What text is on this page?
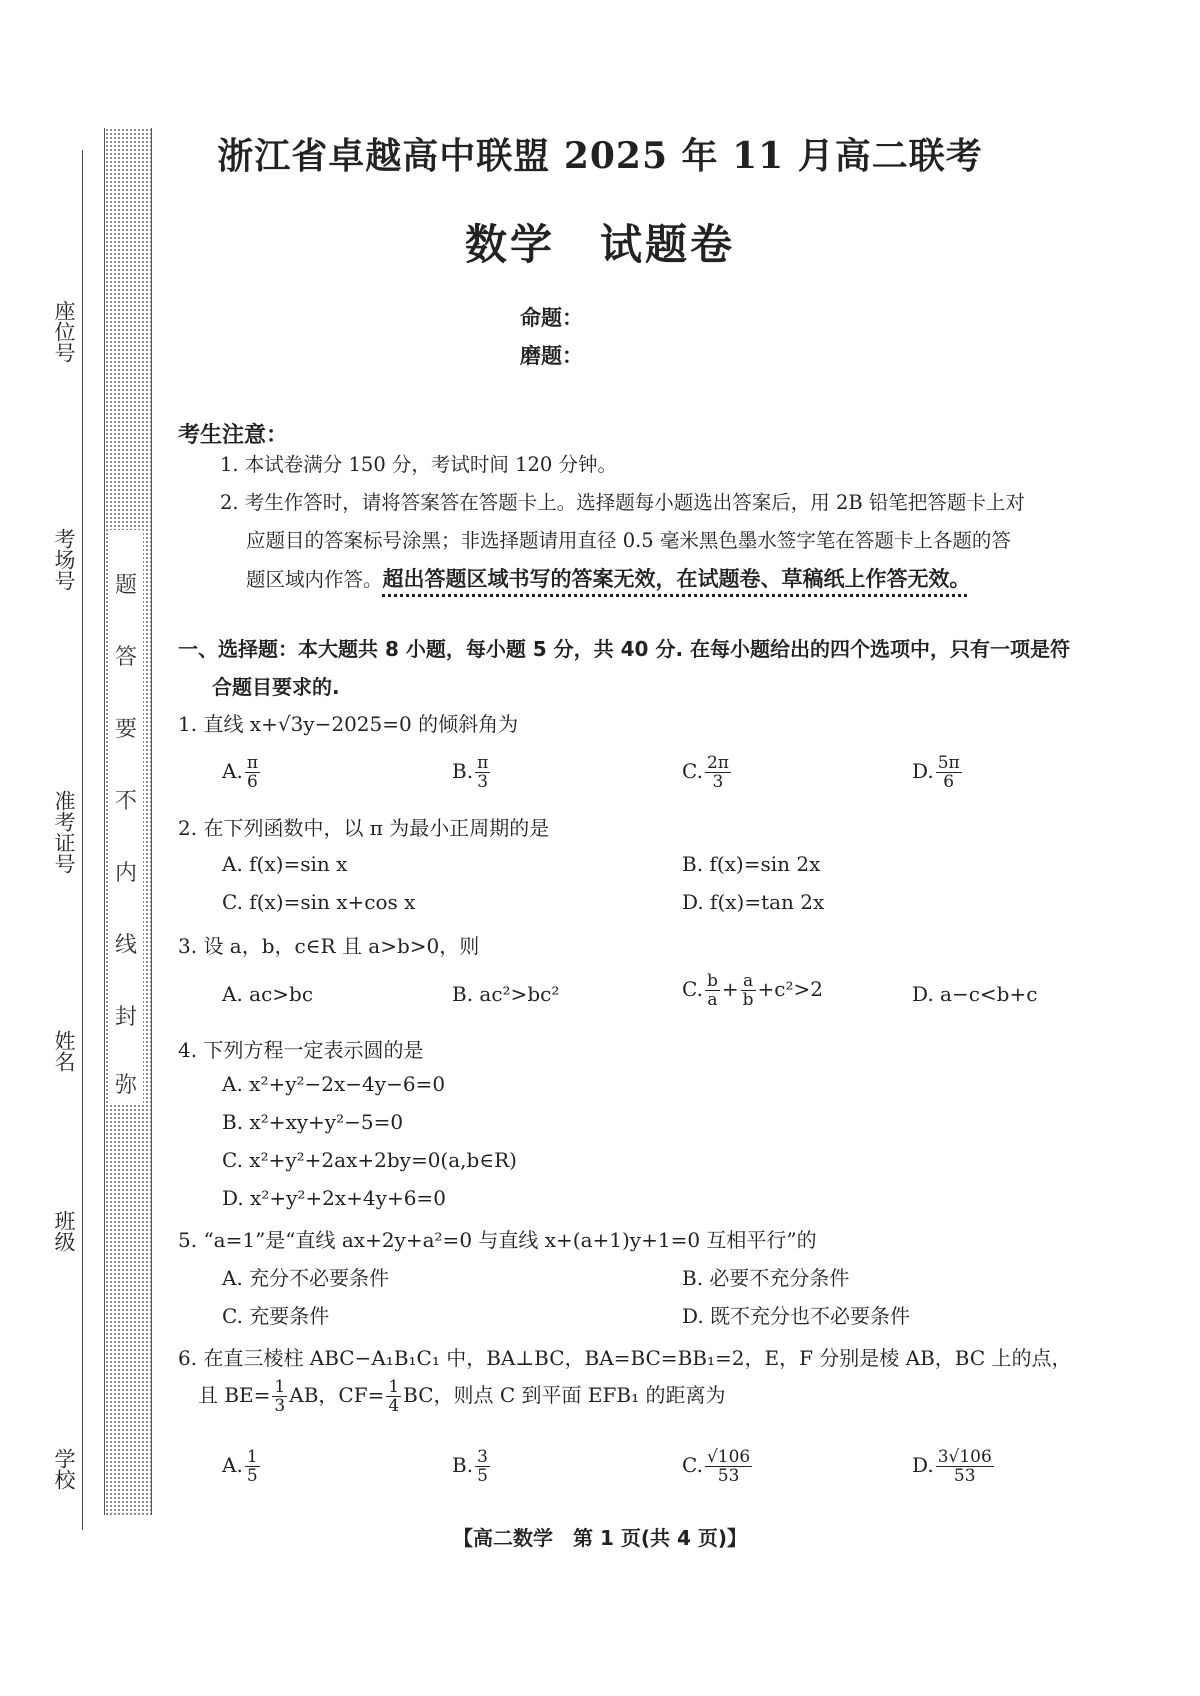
座位号
考场号
准考证号
姓名
班级
学校
题
答
要
不
内
线
封
弥
浙江省卓越高中联盟 2025 年 11 月高二联考
数学　试题卷
命题：
磨题：
考生注意：
1. 本试卷满分 150 分，考试时间 120 分钟。
2. 考生作答时，请将答案答在答题卡上。选择题每小题选出答案后，用 2B 铅笔把答题卡上对
应题目的答案标号涂黑；非选择题请用直径 0.5 毫米黑色墨水签字笔在答题卡上各题的答
题区域内作答。超出答题区域书写的答案无效，在试题卷、草稿纸上作答无效。
一、选择题：本大题共 8 小题，每小题 5 分，共 40 分. 在每小题给出的四个选项中，只有一项是符
合题目要求的.
1. 直线 x+√3y−2025=0 的倾斜角为
A. $\frac{\pi}{6}$	B. $\frac{\pi}{3}$	C. $\frac{2\pi}{3}$	D. $\frac{5\pi}{6}$
2. 在下列函数中，以 π 为最小正周期的是
A. f(x)=sin x	B. f(x)=sin 2x
C. f(x)=sin x+cos x	D. f(x)=tan 2x
3. 设 a，b，c∈R 且 a>b>0，则
A. ac>bc	B. ac²>bc²	C. $\frac{b}{a} + \frac{a}{b} +c^2>2$	D. a−c<b+c
4. 下列方程一定表示圆的是
A. x²+y²−2x−4y−6=0
B. x²+xy+y²−5=0
C. x²+y²+2ax+2by=0(a,b∈R)
D. x²+y²+2x+4y+6=0
5. “a=1”是“直线 ax+2y+a²=0 与直线 x+(a+1)y+1=0 互相平行”的
A. 充分不必要条件	B. 必要不充分条件
C. 充要条件	D. 既不充分也不必要条件
6. 在直三棱柱 ABC−A₁B₁C₁ 中，BA⊥BC，BA=BC=BB₁=2，E，F 分别是棱 AB，BC 上的点，
且 $BE= \frac{1}{3}$ AB，$CF= \frac{1}{4}$ BC，则点 C 到平面 EFB₁ 的距离为
A. $\frac{1}{5}$	B. $\frac{3}{5}$	C. $\frac{√106}{53}$	D. $\frac{3√106}{53}$
【高二数学　第 1 页(共 4 页)】
